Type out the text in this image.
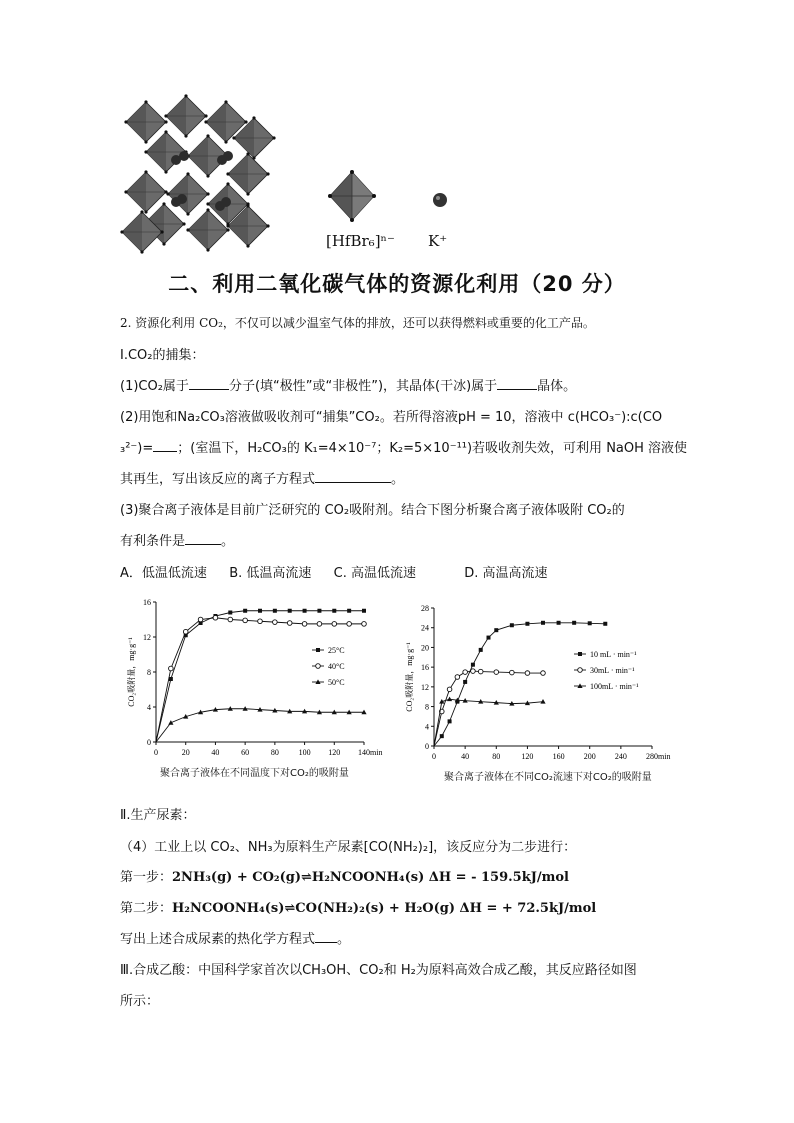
[HfBr₆]ⁿ⁻ K⁺
二、利用二氧化碳气体的资源化利用（20 分）
2. 资源化利用 CO₂，不仅可以减少温室气体的排放，还可以获得燃料或重要的化工产品。
Ⅰ.CO₂的捕集：
(1)CO₂属于	分子(填“极性”或“非极性”)，其晶体(干冰)属于	晶体。
(2)用饱和Na₂CO₃溶液做吸收剂可“捕集”CO₂。若所得溶液pH = 10，溶液中 c(HCO₃⁻):c(CO
₃²⁻)= ；(室温下，H₂CO₃的 K₁=4×10⁻⁷；K₂=5×10⁻¹¹)若吸收剂失效，可利用 NaOH 溶液使
其再生，写出该反应的离子方程式	。
(3)聚合离子液体是目前广泛研究的 CO₂吸附剂。结合下图分析聚合离子液体吸附 CO₂的
有利条件是	。
A．低温低流速 B. 低温高流速 C. 高温低流速	D. 高温高流速
0	20	40	60	80 100 120 140
0
4
8
12
16
min
CO₂吸附量，mg·g⁻¹	25°C
40°C
50°C
聚合离子液体在不同温度下对CO₂的吸附量
0	40	80	120 160 200 240 280
0
4
8
12
16
20
24
28
min
CO₂吸附量，mg·g⁻¹	10 mL · min⁻¹
30mL · min⁻¹
100mL · min⁻¹
聚合离子液体在不同CO₂流速下对CO₂的吸附量
Ⅱ.生产尿素：
（4）工业上以 CO₂、NH₃为原料生产尿素[CO(NH₂)₂]，该反应分为二步进行：
第一步：2NH₃(g) + CO₂(g)⇌H₂NCOONH₄(s) ΔH = - 159.5kJ/mol
第二步：H₂NCOONH₄(s)⇌CO(NH₂)₂(s) + H₂O(g) ΔH = + 72.5kJ/mol
写出上述合成尿素的热化学方程式 。
Ⅲ.合成乙酸：中国科学家首次以CH₃OH、CO₂和 H₂为原料高效合成乙酸，其反应路径如图
所示：
